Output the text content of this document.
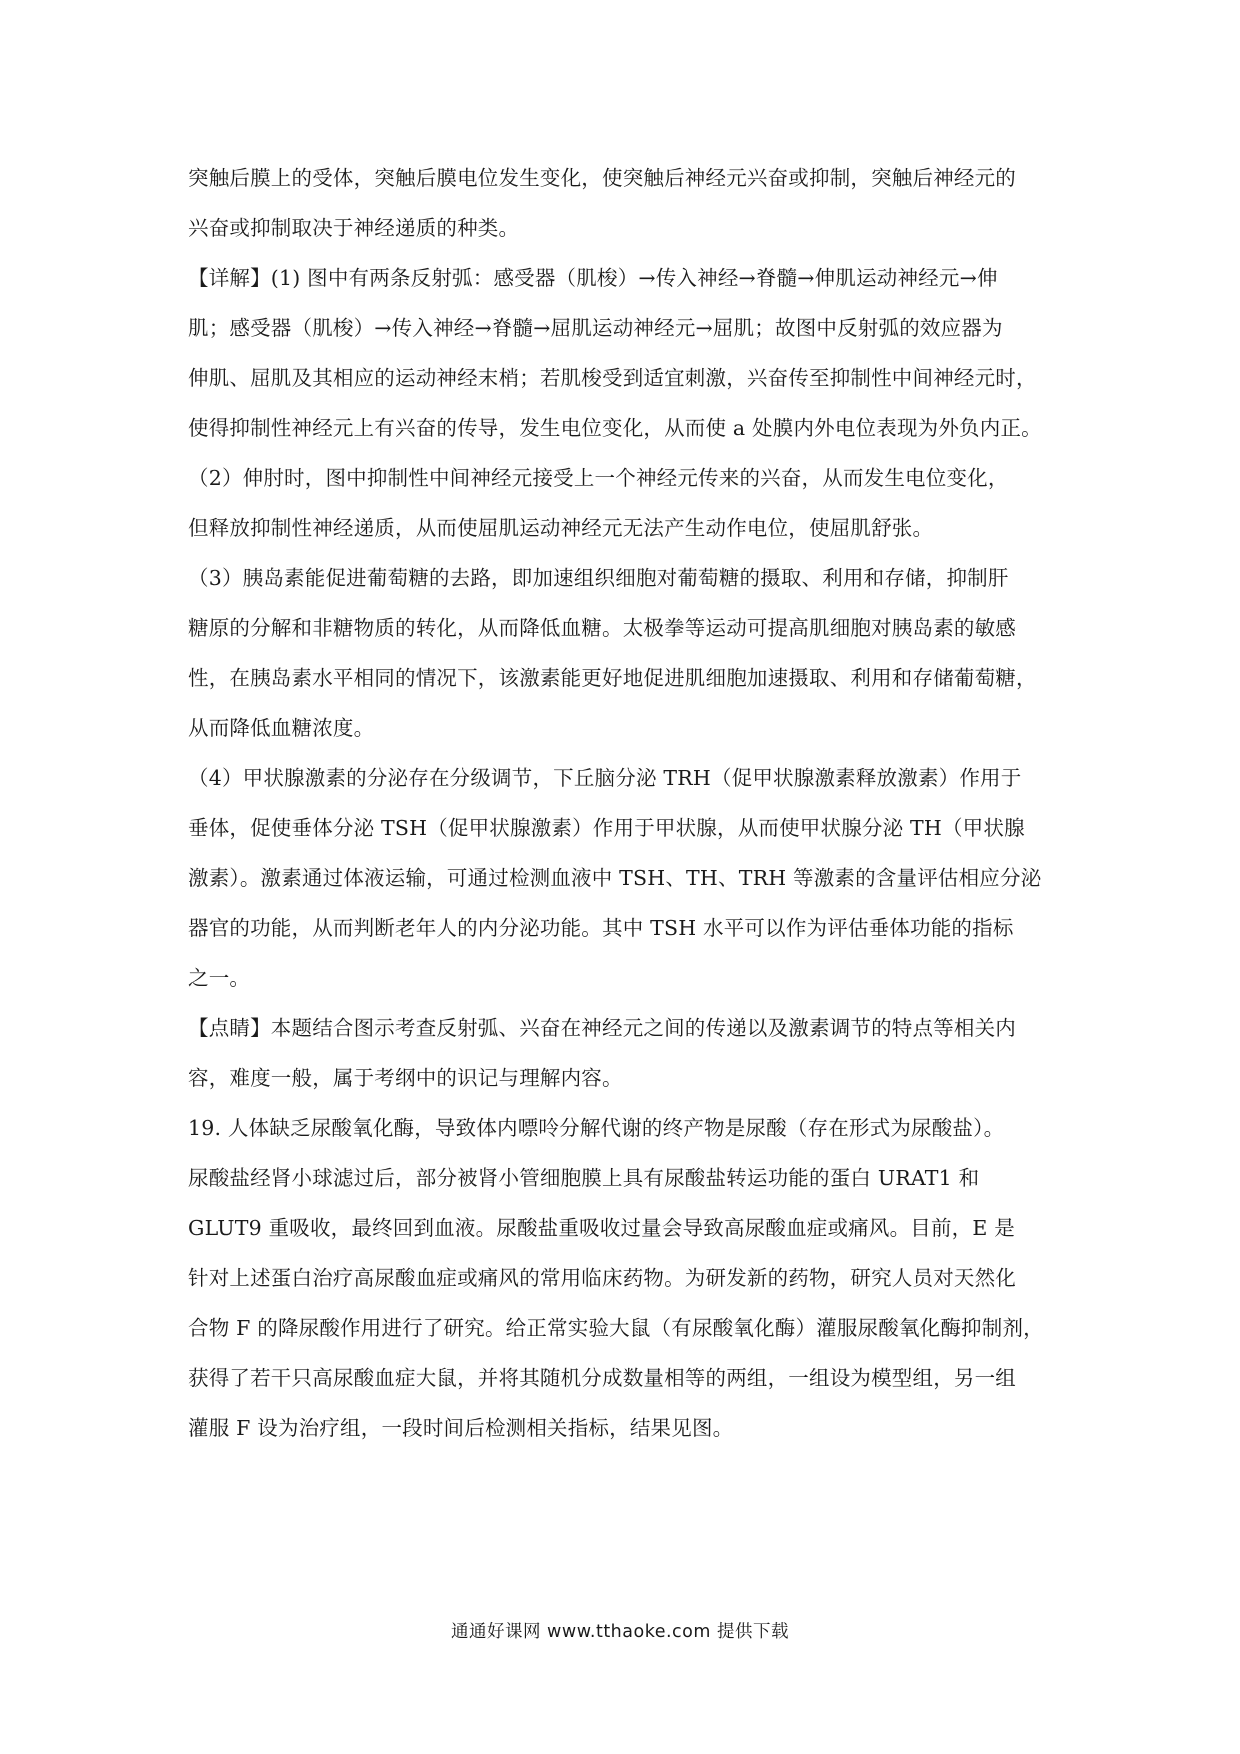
突触后膜上的受体，突触后膜电位发生变化，使突触后神经元兴奋或抑制，突触后神经元的

兴奋或抑制取决于神经递质的种类。

【详解】(1) 图中有两条反射弧：感受器（肌梭）→传入神经→脊髓→伸肌运动神经元→伸

肌；感受器（肌梭）→传入神经→脊髓→屈肌运动神经元→屈肌；故图中反射弧的效应器为

伸肌、屈肌及其相应的运动神经末梢；若肌梭受到适宜刺激，兴奋传至抑制性中间神经元时，

使得抑制性神经元上有兴奋的传导，发生电位变化，从而使 a 处膜内外电位表现为外负内正。

（2）伸肘时，图中抑制性中间神经元接受上一个神经元传来的兴奋，从而发生电位变化，

但释放抑制性神经递质，从而使屈肌运动神经元无法产生动作电位，使屈肌舒张。

（3）胰岛素能促进葡萄糖的去路，即加速组织细胞对葡萄糖的摄取、利用和存储，抑制肝

糖原的分解和非糖物质的转化，从而降低血糖。太极拳等运动可提高肌细胞对胰岛素的敏感

性，在胰岛素水平相同的情况下，该激素能更好地促进肌细胞加速摄取、利用和存储葡萄糖，

从而降低血糖浓度。

（4）甲状腺激素的分泌存在分级调节，下丘脑分泌 TRH（促甲状腺激素释放激素）作用于

垂体，促使垂体分泌 TSH（促甲状腺激素）作用于甲状腺，从而使甲状腺分泌 TH（甲状腺

激素）。激素通过体液运输，可通过检测血液中 TSH、TH、TRH 等激素的含量评估相应分泌

器官的功能，从而判断老年人的内分泌功能。其中 TSH 水平可以作为评估垂体功能的指标

之一。

【点睛】本题结合图示考查反射弧、兴奋在神经元之间的传递以及激素调节的特点等相关内

容，难度一般，属于考纲中的识记与理解内容。

19. 人体缺乏尿酸氧化酶，导致体内嘌呤分解代谢的终产物是尿酸（存在形式为尿酸盐）。

尿酸盐经肾小球滤过后，部分被肾小管细胞膜上具有尿酸盐转运功能的蛋白 URAT1 和

GLUT9 重吸收，最终回到血液。尿酸盐重吸收过量会导致高尿酸血症或痛风。目前，E 是

针对上述蛋白治疗高尿酸血症或痛风的常用临床药物。为研发新的药物，研究人员对天然化

合物 F 的降尿酸作用进行了研究。给正常实验大鼠（有尿酸氧化酶）灌服尿酸氧化酶抑制剂，

获得了若干只高尿酸血症大鼠，并将其随机分成数量相等的两组，一组设为模型组，另一组

灌服 F 设为治疗组，一段时间后检测相关指标，结果见图。

通通好课网 www.tthaoke.com 提供下载
